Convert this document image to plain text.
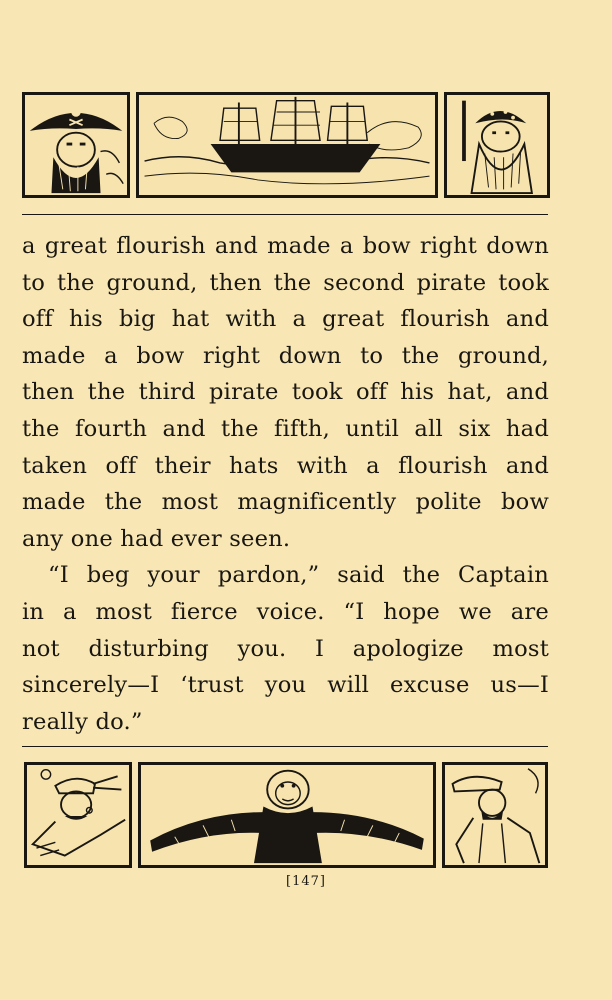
a great flourish and made a bow right down
to the ground, then the second pirate took
off his big hat with a great flourish and
made a bow right down to the ground,
then the third pirate took off his hat, and
the fourth and the fifth, until all six had
taken off their hats with a flourish and
made the most magnificently polite bow
any one had ever seen.
“I beg your pardon,” said the Captain
in a most fierce voice. “I hope we are
not disturbing you. I apologize most
sincerely—I ‘trust you will excuse us—I
really do.”
[147]
